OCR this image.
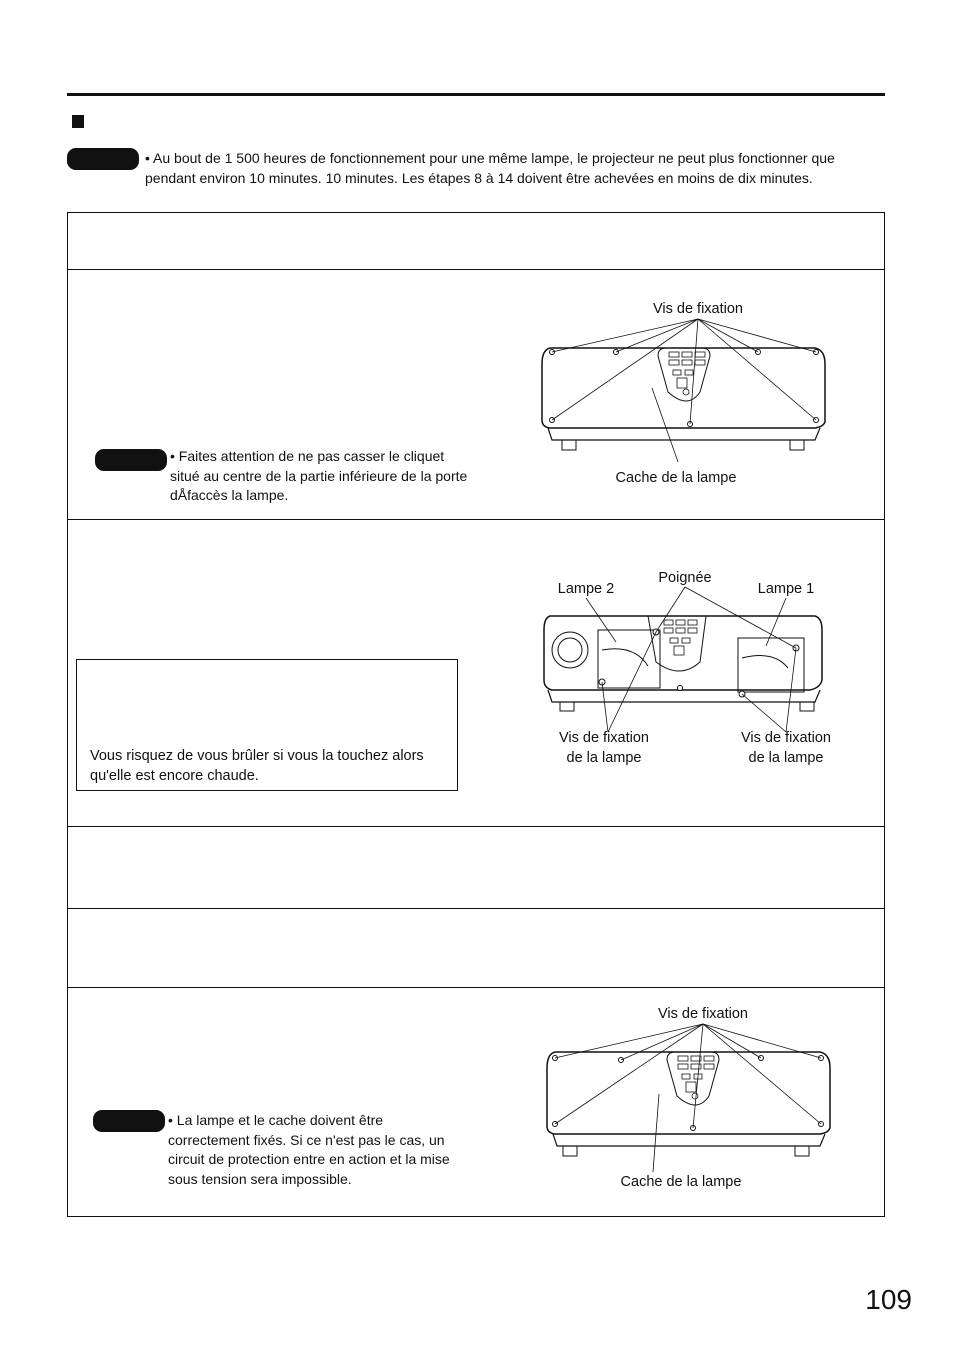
• Au bout de 1 500 heures de fonctionnement pour une même lampe, le projecteur ne peut plus fonctionner que pendant environ 10 minutes. 10 minutes. Les étapes 8 à 14 doivent être achevées en moins de dix minutes.
• Faites attention de ne pas casser le cliquet situé au centre de la partie inférieure de la porte dÅfaccès la lampe.
Vis de fixation
Cache de la lampe
Vous risquez de vous brûler si vous la touchez alors qu'elle est encore chaude.
Poignée
Lampe 2	Lampe 1
Vis de fixation
de la lampe
Vis de fixation
de la lampe
• La lampe et le cache doivent être correctement fixés. Si ce n'est pas le cas, un circuit de protection entre en action et la mise sous tension sera impossible.
Vis de fixation
Cache de la lampe
109
